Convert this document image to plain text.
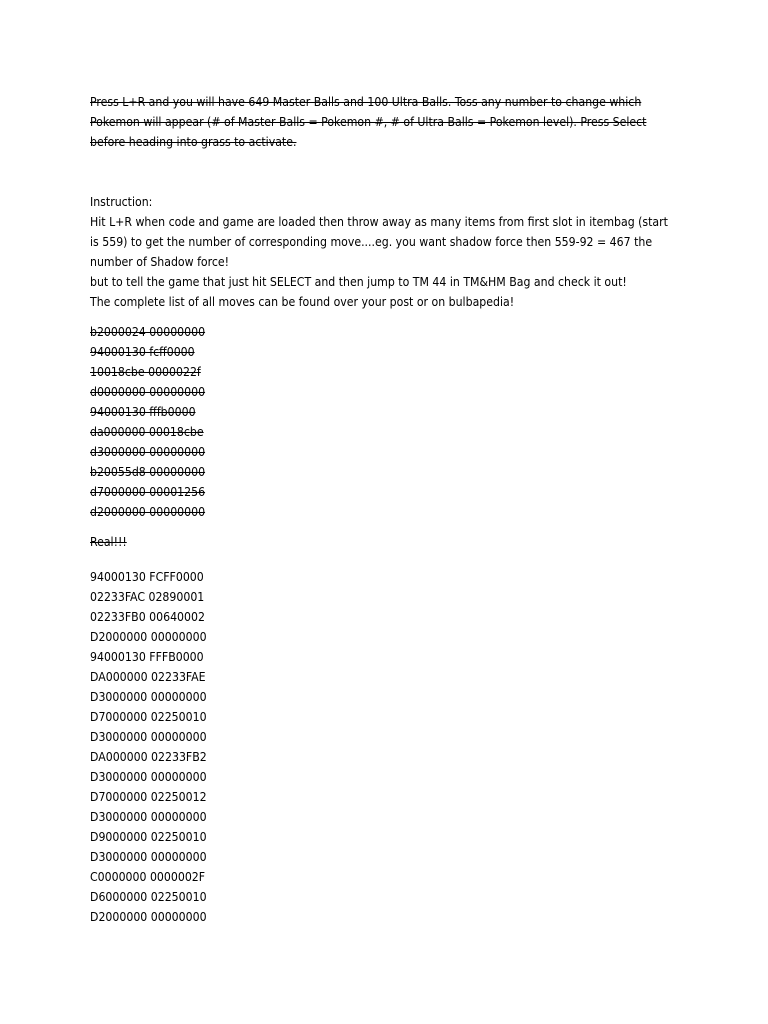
Press L+R and you will have 649 Master Balls and 100 Ultra Balls. Toss any number to change which
Pokemon will appear (# of Master Balls = Pokemon #, # of Ultra Balls = Pokemon level). Press Select
before heading into grass to activate.
Instruction:
Hit L+R when code and game are loaded then throw away as many items from first slot in itembag (start
is 559) to get the number of corresponding move....eg. you want shadow force then 559-92 = 467 the
number of Shadow force!
but to tell the game that just hit SELECT and then jump to TM 44 in TM&HM Bag and check it out!
The complete list of all moves can be found over your post or on bulbapedia!
b2000024 00000000
94000130 fcff0000
10018cbe 0000022f
d0000000 00000000
94000130 fffb0000
da000000 00018cbe
d3000000 00000000
b20055d8 00000000
d7000000 00001256
d2000000 00000000
Real!!!
94000130 FCFF0000
02233FAC 02890001
02233FB0 00640002
D2000000 00000000
94000130 FFFB0000
DA000000 02233FAE
D3000000 00000000
D7000000 02250010
D3000000 00000000
DA000000 02233FB2
D3000000 00000000
D7000000 02250012
D3000000 00000000
D9000000 02250010
D3000000 00000000
C0000000 0000002F
D6000000 02250010
D2000000 00000000
